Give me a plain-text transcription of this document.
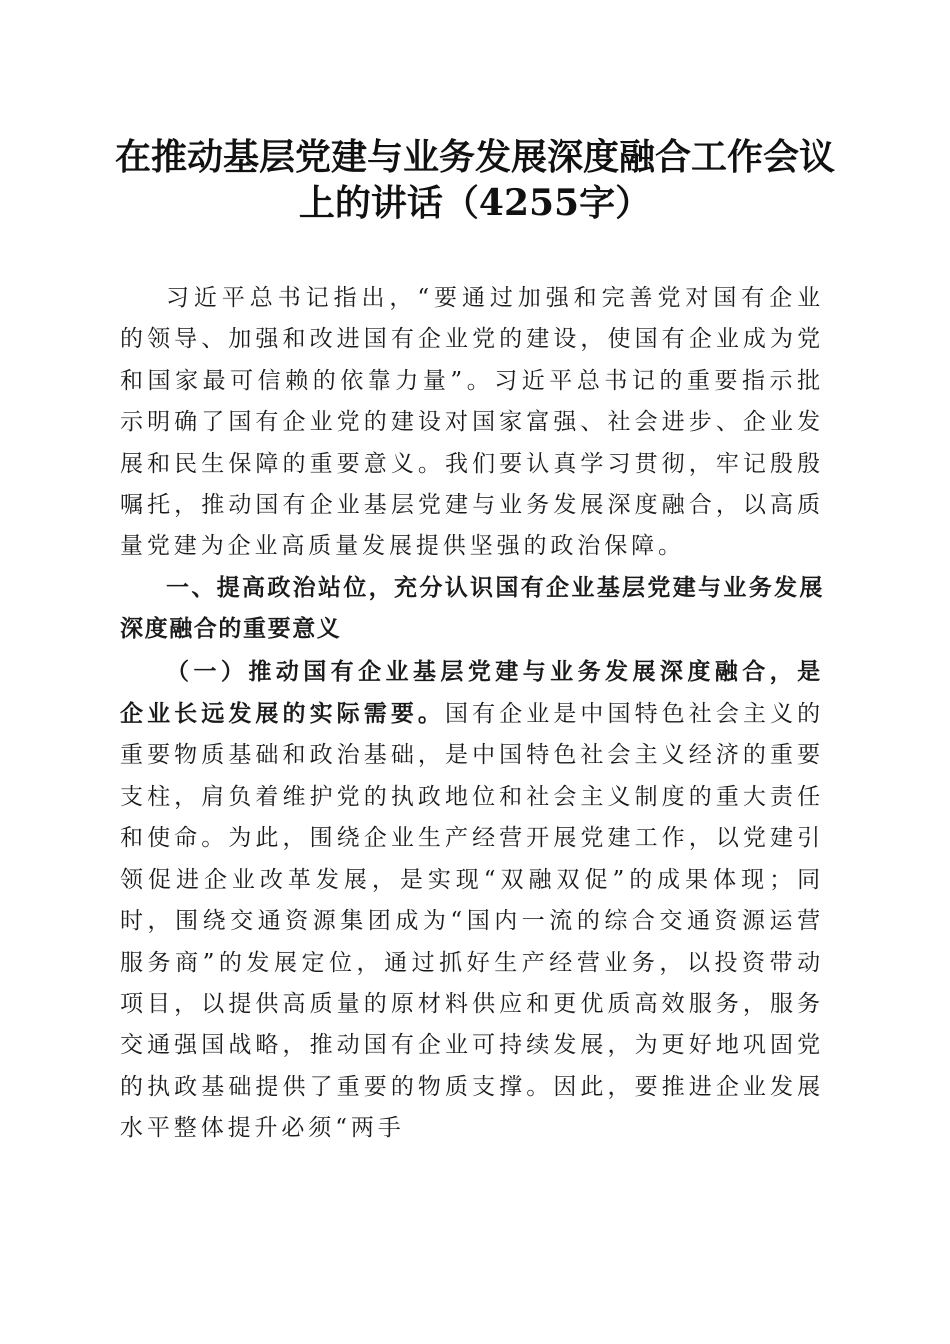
在推动基层党建与业务发展深度融合工作会议
上的讲话（4255字）

习近平总书记指出，“要通过加强和完善党对国有企业的领导、加强和改进国有企业党的建设，使国有企业成为党和国家最可信赖的依靠力量”。习近平总书记的重要指示批示明确了国有企业党的建设对国家富强、社会进步、企业发展和民生保障的重要意义。我们要认真学习贯彻，牢记殷殷嘱托，推动国有企业基层党建与业务发展深度融合，以高质量党建为企业高质量发展提供坚强的政治保障。

一、提高政治站位，充分认识国有企业基层党建与业务发展深度融合的重要意义

（一）推动国有企业基层党建与业务发展深度融合，是企业长远发展的实际需要。国有企业是中国特色社会主义的重要物质基础和政治基础，是中国特色社会主义经济的重要支柱，肩负着维护党的执政地位和社会主义制度的重大责任和使命。为此，围绕企业生产经营开展党建工作，以党建引领促进企业改革发展，是实现“双融双促”的成果体现；同时，围绕交通资源集团成为“国内一流的综合交通资源运营服务商”的发展定位，通过抓好生产经营业务，以投资带动项目，以提供高质量的原材料供应和更优质高效服务，服务交通强国战略，推动国有企业可持续发展，为更好地巩固党的执政基础提供了重要的物质支撑。因此，要推进企业发展水平整体提升必须“两手
